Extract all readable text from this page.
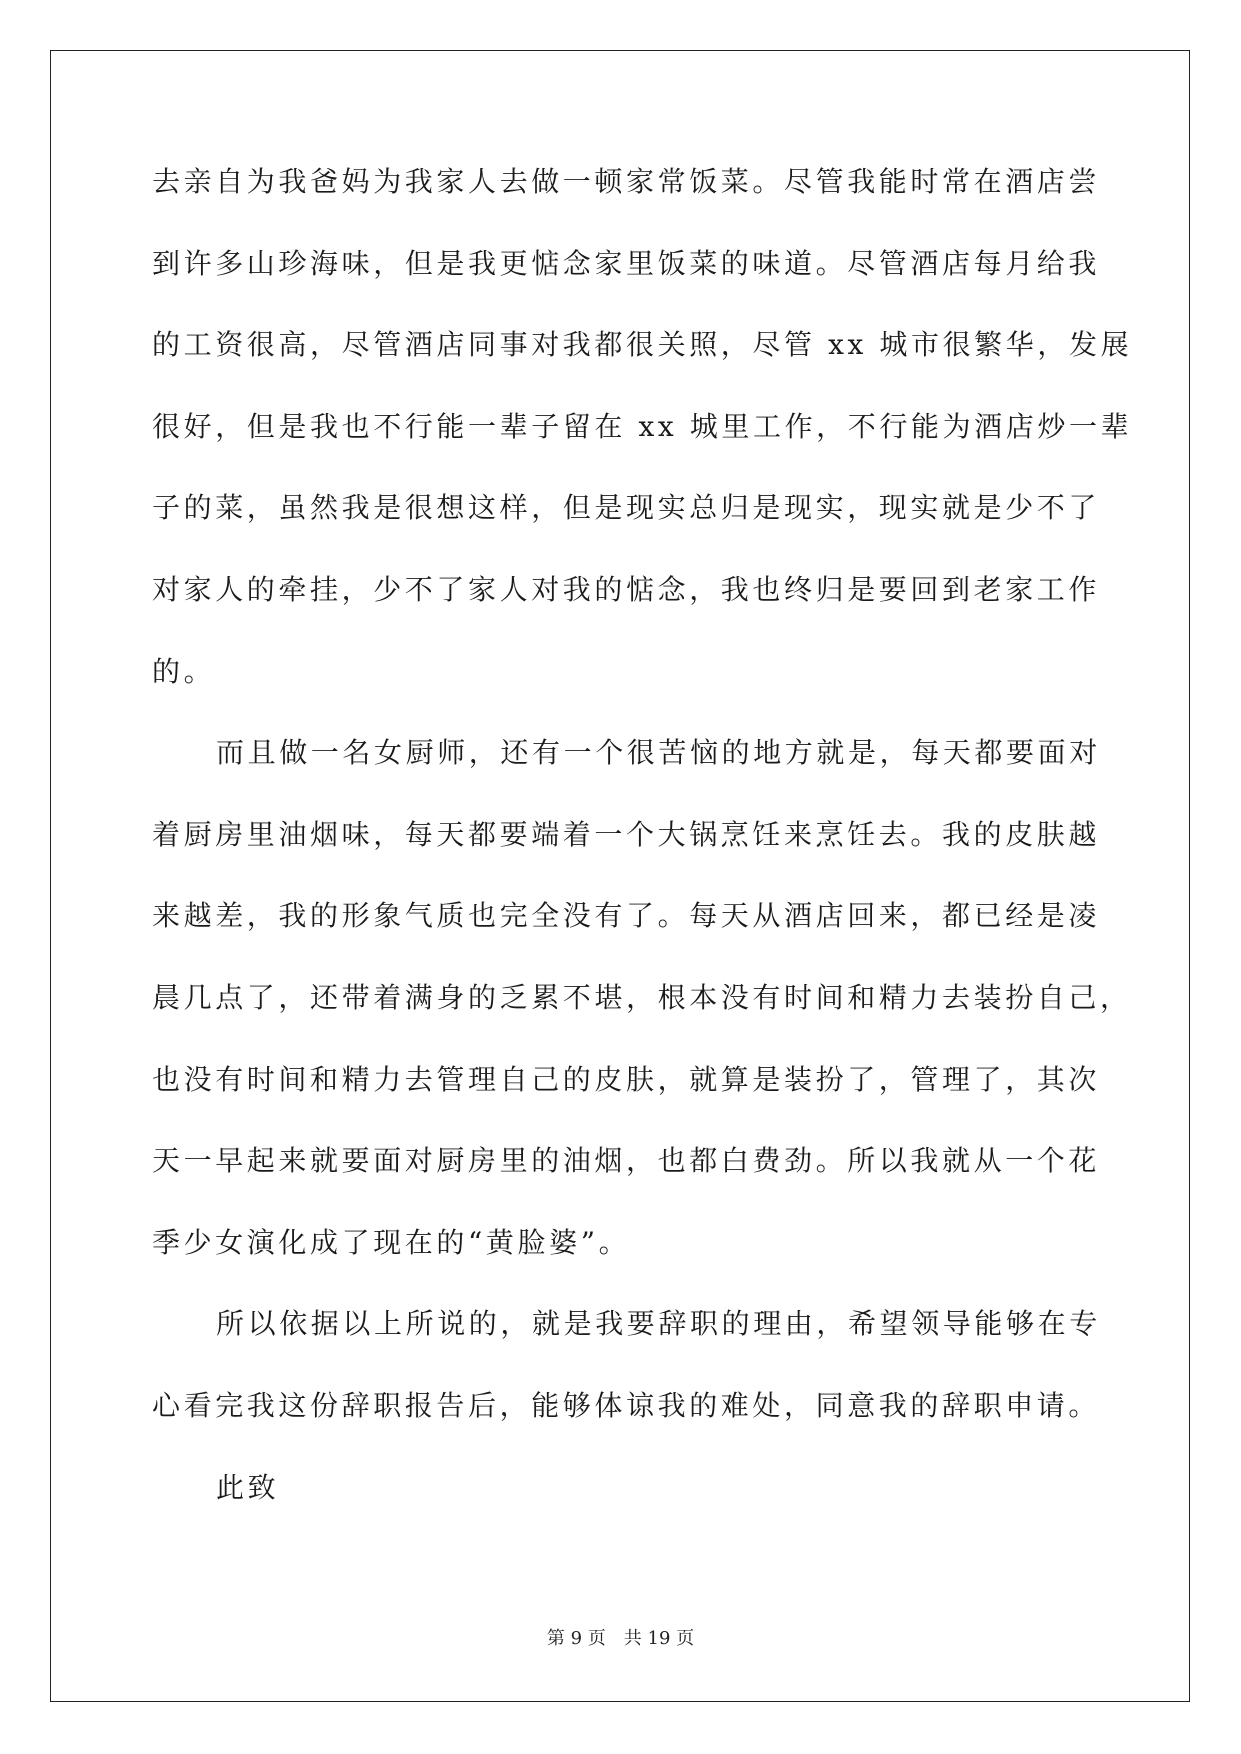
去亲自为我爸妈为我家人去做一顿家常饭菜。尽管我能时常在酒店尝
到许多山珍海味，但是我更惦念家里饭菜的味道。尽管酒店每月给我
的工资很高，尽管酒店同事对我都很关照，尽管 xx 城市很繁华，发展
很好，但是我也不行能一辈子留在 xx 城里工作，不行能为酒店炒一辈
子的菜，虽然我是很想这样，但是现实总归是现实，现实就是少不了
对家人的牵挂，少不了家人对我的惦念，我也终归是要回到老家工作
的。
而且做一名女厨师，还有一个很苦恼的地方就是，每天都要面对
着厨房里油烟味，每天都要端着一个大锅烹饪来烹饪去。我的皮肤越
来越差，我的形象气质也完全没有了。每天从酒店回来，都已经是凌
晨几点了，还带着满身的乏累不堪，根本没有时间和精力去装扮自己，
也没有时间和精力去管理自己的皮肤，就算是装扮了，管理了，其次
天一早起来就要面对厨房里的油烟，也都白费劲。所以我就从一个花
季少女演化成了现在的“黄脸婆”。
所以依据以上所说的，就是我要辞职的理由，希望领导能够在专
心看完我这份辞职报告后，能够体谅我的难处，同意我的辞职申请。
此致
第 9 页 共 19 页
